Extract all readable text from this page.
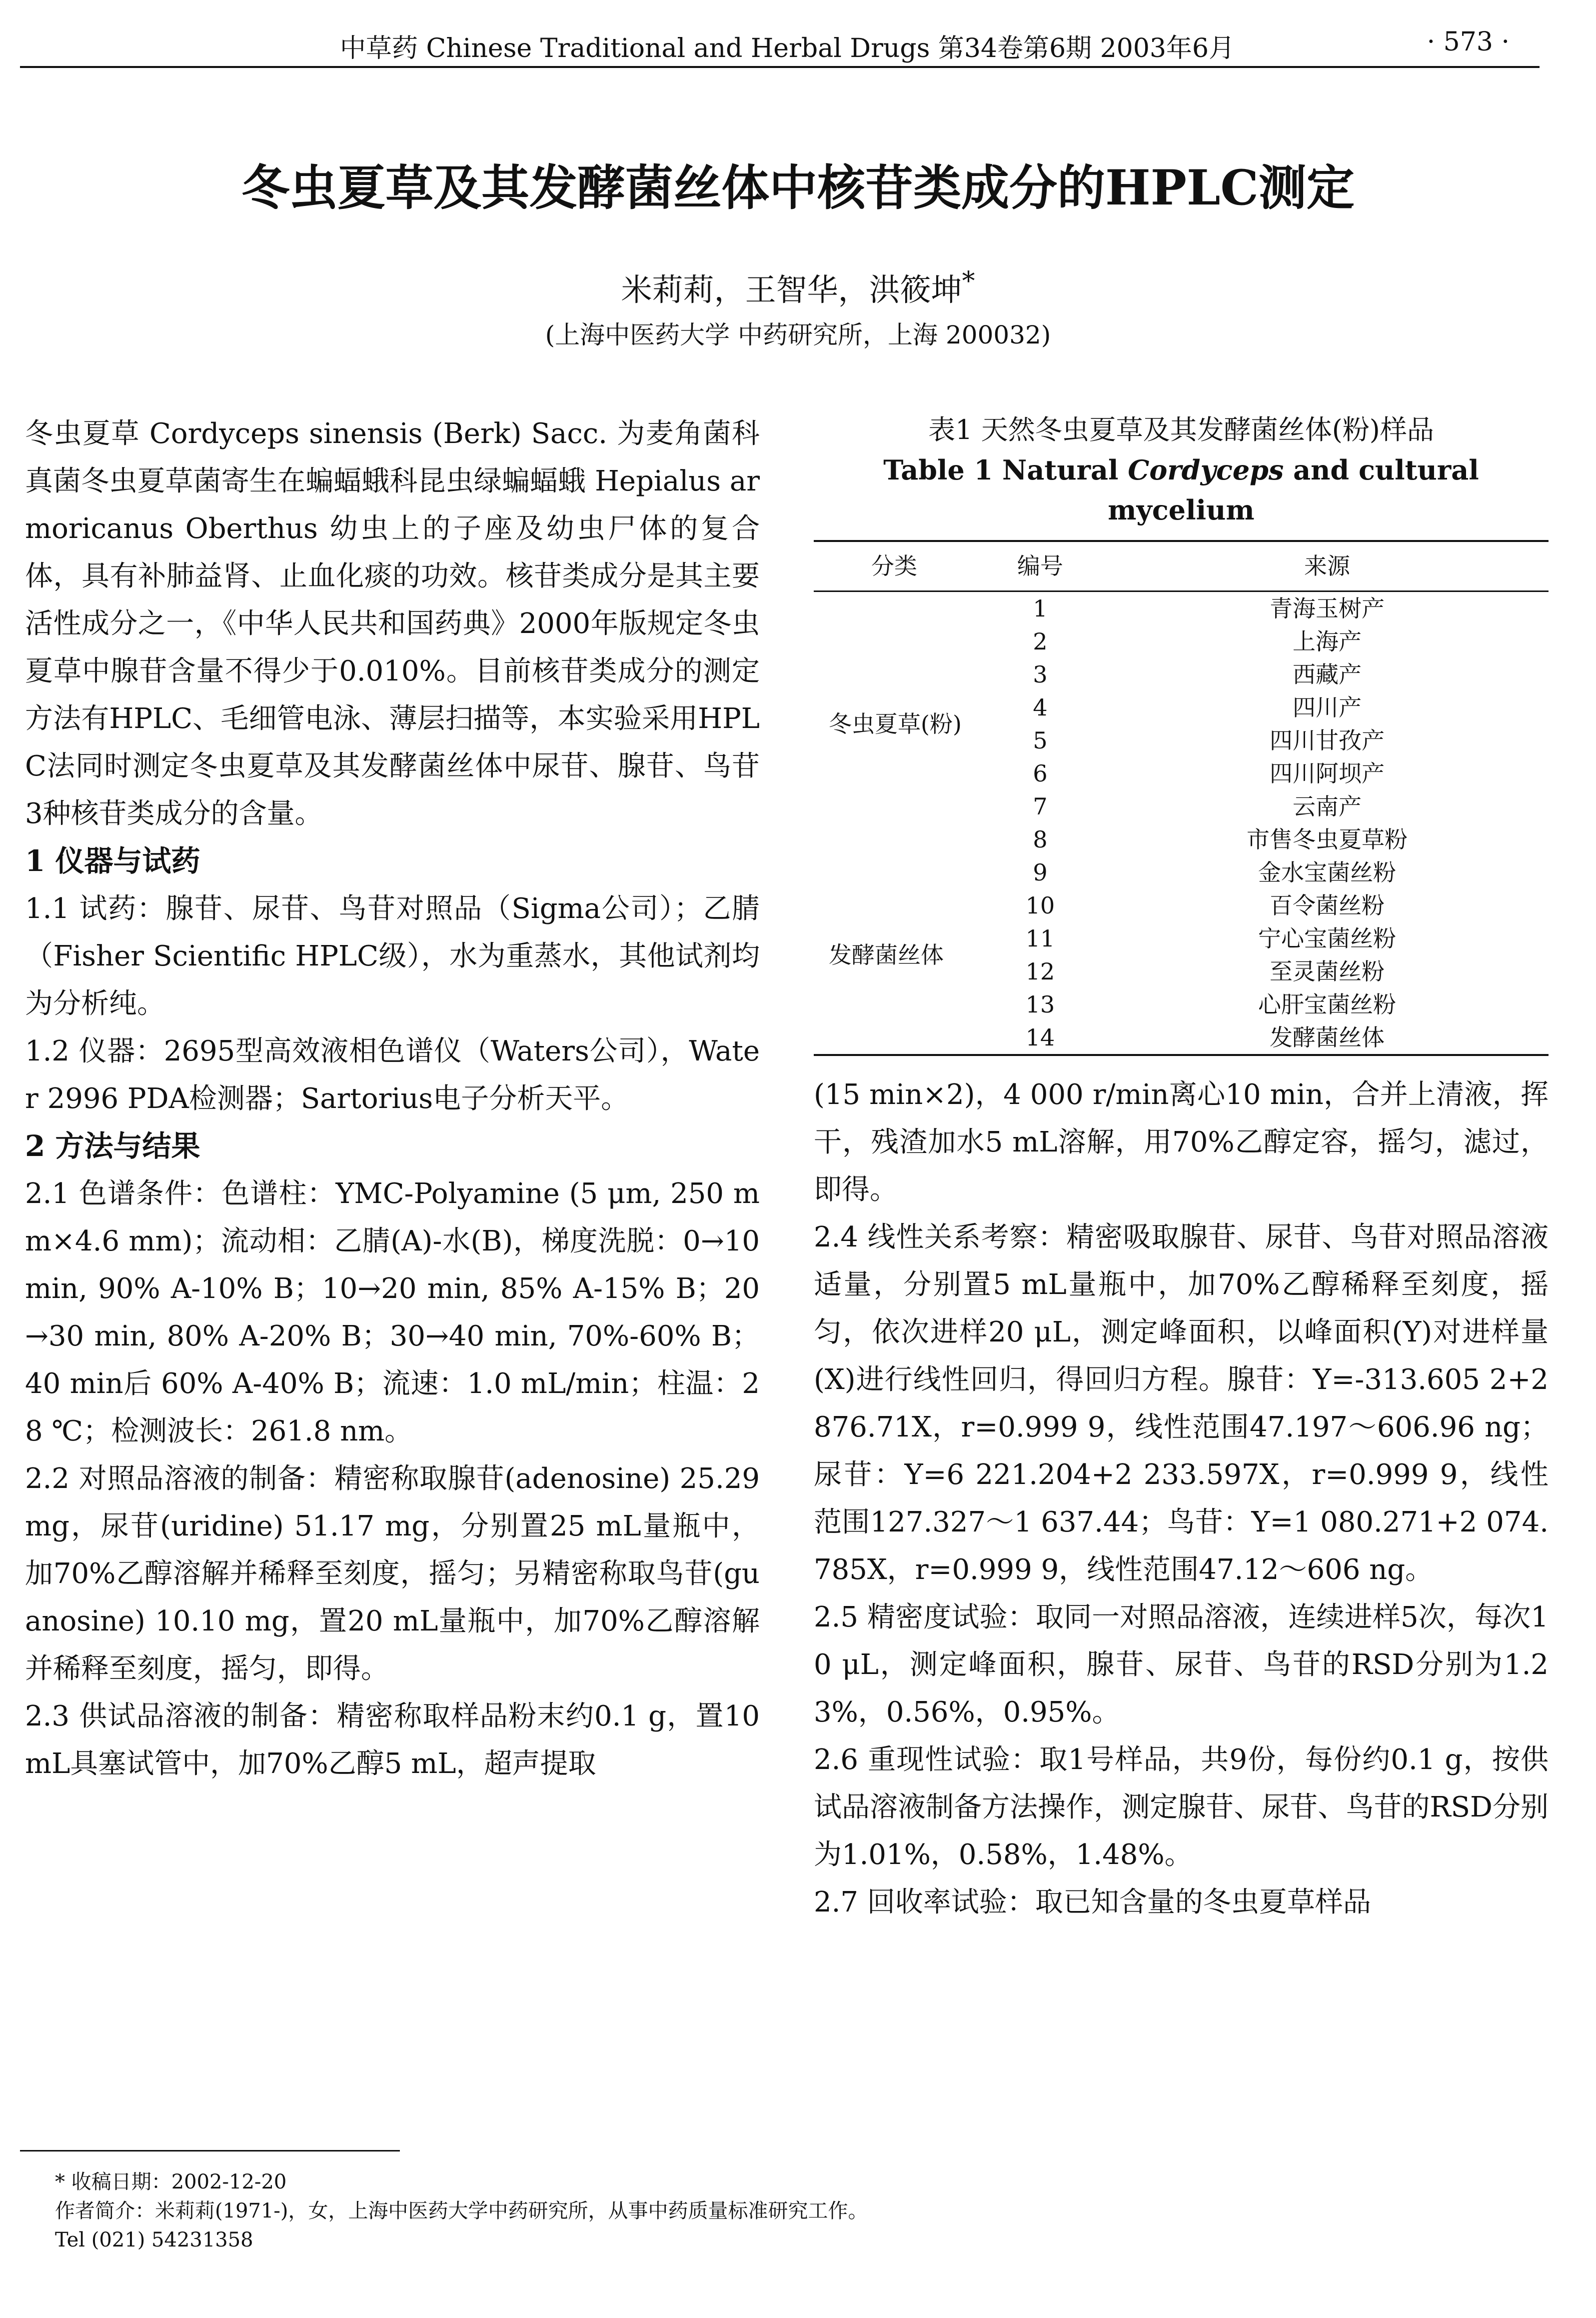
中草药 Chinese Traditional and Herbal Drugs 第34卷第6期 2003年6月	· 573 ·
冬虫夏草及其发酵菌丝体中核苷类成分的HPLC测定
米莉莉，王智华，洪筱坤*
(上海中医药大学 中药研究所，上海 200032)

冬虫夏草 Cordyceps sinensis (Berk) Sacc. 为麦角菌科真菌冬虫夏草菌寄生在蝙蝠蛾科昆虫绿蝙蝠蛾 Hepialus armoricanus Oberthus 幼虫上的子座及幼虫尸体的复合体，具有补肺益肾、止血化痰的功效。核苷类成分是其主要活性成分之一，《中华人民共和国药典》2000年版规定冬虫夏草中腺苷含量不得少于0.010%。目前核苷类成分的测定方法有HPLC、毛细管电泳、薄层扫描等，本实验采用HPLC法同时测定冬虫夏草及其发酵菌丝体中尿苷、腺苷、鸟苷3种核苷类成分的含量。

1 仪器与试药

1.1 试药：腺苷、尿苷、鸟苷对照品（Sigma公司）；乙腈（Fisher Scientific HPLC级），水为重蒸水，其他试剂均为分析纯。

1.2 仪器：2695型高效液相色谱仪（Waters公司），Water 2996 PDA检测器；Sartorius电子分析天平。

2 方法与结果

2.1 色谱条件：色谱柱：YMC-Polyamine (5 μm, 250 mm×4.6 mm)；流动相：乙腈(A)-水(B)，梯度洗脱：0→10 min, 90% A-10% B；10→20 min, 85% A-15% B；20→30 min, 80% A-20% B；30→40 min, 70%-60% B；40 min后 60% A-40% B；流速：1.0 mL/min；柱温：28 ℃；检测波长：261.8 nm。

2.2 对照品溶液的制备：精密称取腺苷(adenosine) 25.29 mg，尿苷(uridine) 51.17 mg，分别置25 mL量瓶中，加70%乙醇溶解并稀释至刻度，摇匀；另精密称取鸟苷(guanosine) 10.10 mg，置20 mL量瓶中，加70%乙醇溶解并稀释至刻度，摇匀，即得。

2.3 供试品溶液的制备：精密称取样品粉末约0.1 g，置10 mL具塞试管中，加70%乙醇5 mL，超声提取

表1 天然冬虫夏草及其发酵菌丝体(粉)样品
Table 1 Natural Cordyceps and cultural mycelium
分类	编号	来源
冬虫夏草(粉)	1	青海玉树产
	2	上海产
	3	西藏产
	4	四川产
	5	四川甘孜产
	6	四川阿坝产
	7	云南产
	8	市售冬虫夏草粉
发酵菌丝体	9	金水宝菌丝粉
	10	百令菌丝粉
	11	宁心宝菌丝粉
	12	至灵菌丝粉
	13	心肝宝菌丝粉
	14	发酵菌丝体

(15 min×2)，4 000 r/min离心10 min，合并上清液，挥干，残渣加水5 mL溶解，用70%乙醇定容，摇匀，滤过，即得。

2.4 线性关系考察：精密吸取腺苷、尿苷、鸟苷对照品溶液适量，分别置5 mL量瓶中，加70%乙醇稀释至刻度，摇匀，依次进样20 μL，测定峰面积，以峰面积(Y)对进样量(X)进行线性回归，得回归方程。腺苷：Y=-313.605 2+2 876.71X，r=0.999 9，线性范围47.197～606.96 ng；尿苷：Y=6 221.204+2 233.597X，r=0.999 9，线性范围127.327～1 637.44；鸟苷：Y=1 080.271+2 074.785X，r=0.999 9，线性范围47.12～606 ng。

2.5 精密度试验：取同一对照品溶液，连续进样5次，每次10 μL，测定峰面积，腺苷、尿苷、鸟苷的RSD分别为1.23%，0.56%，0.95%。

2.6 重现性试验：取1号样品，共9份，每份约0.1 g，按供试品溶液制备方法操作，测定腺苷、尿苷、鸟苷的RSD分别为1.01%，0.58%，1.48%。

2.7 回收率试验：取已知含量的冬虫夏草样品

* 收稿日期：2002-12-20
作者简介：米莉莉(1971-)，女，上海中医药大学中药研究所，从事中药质量标准研究工作。
Tel (021) 54231358
